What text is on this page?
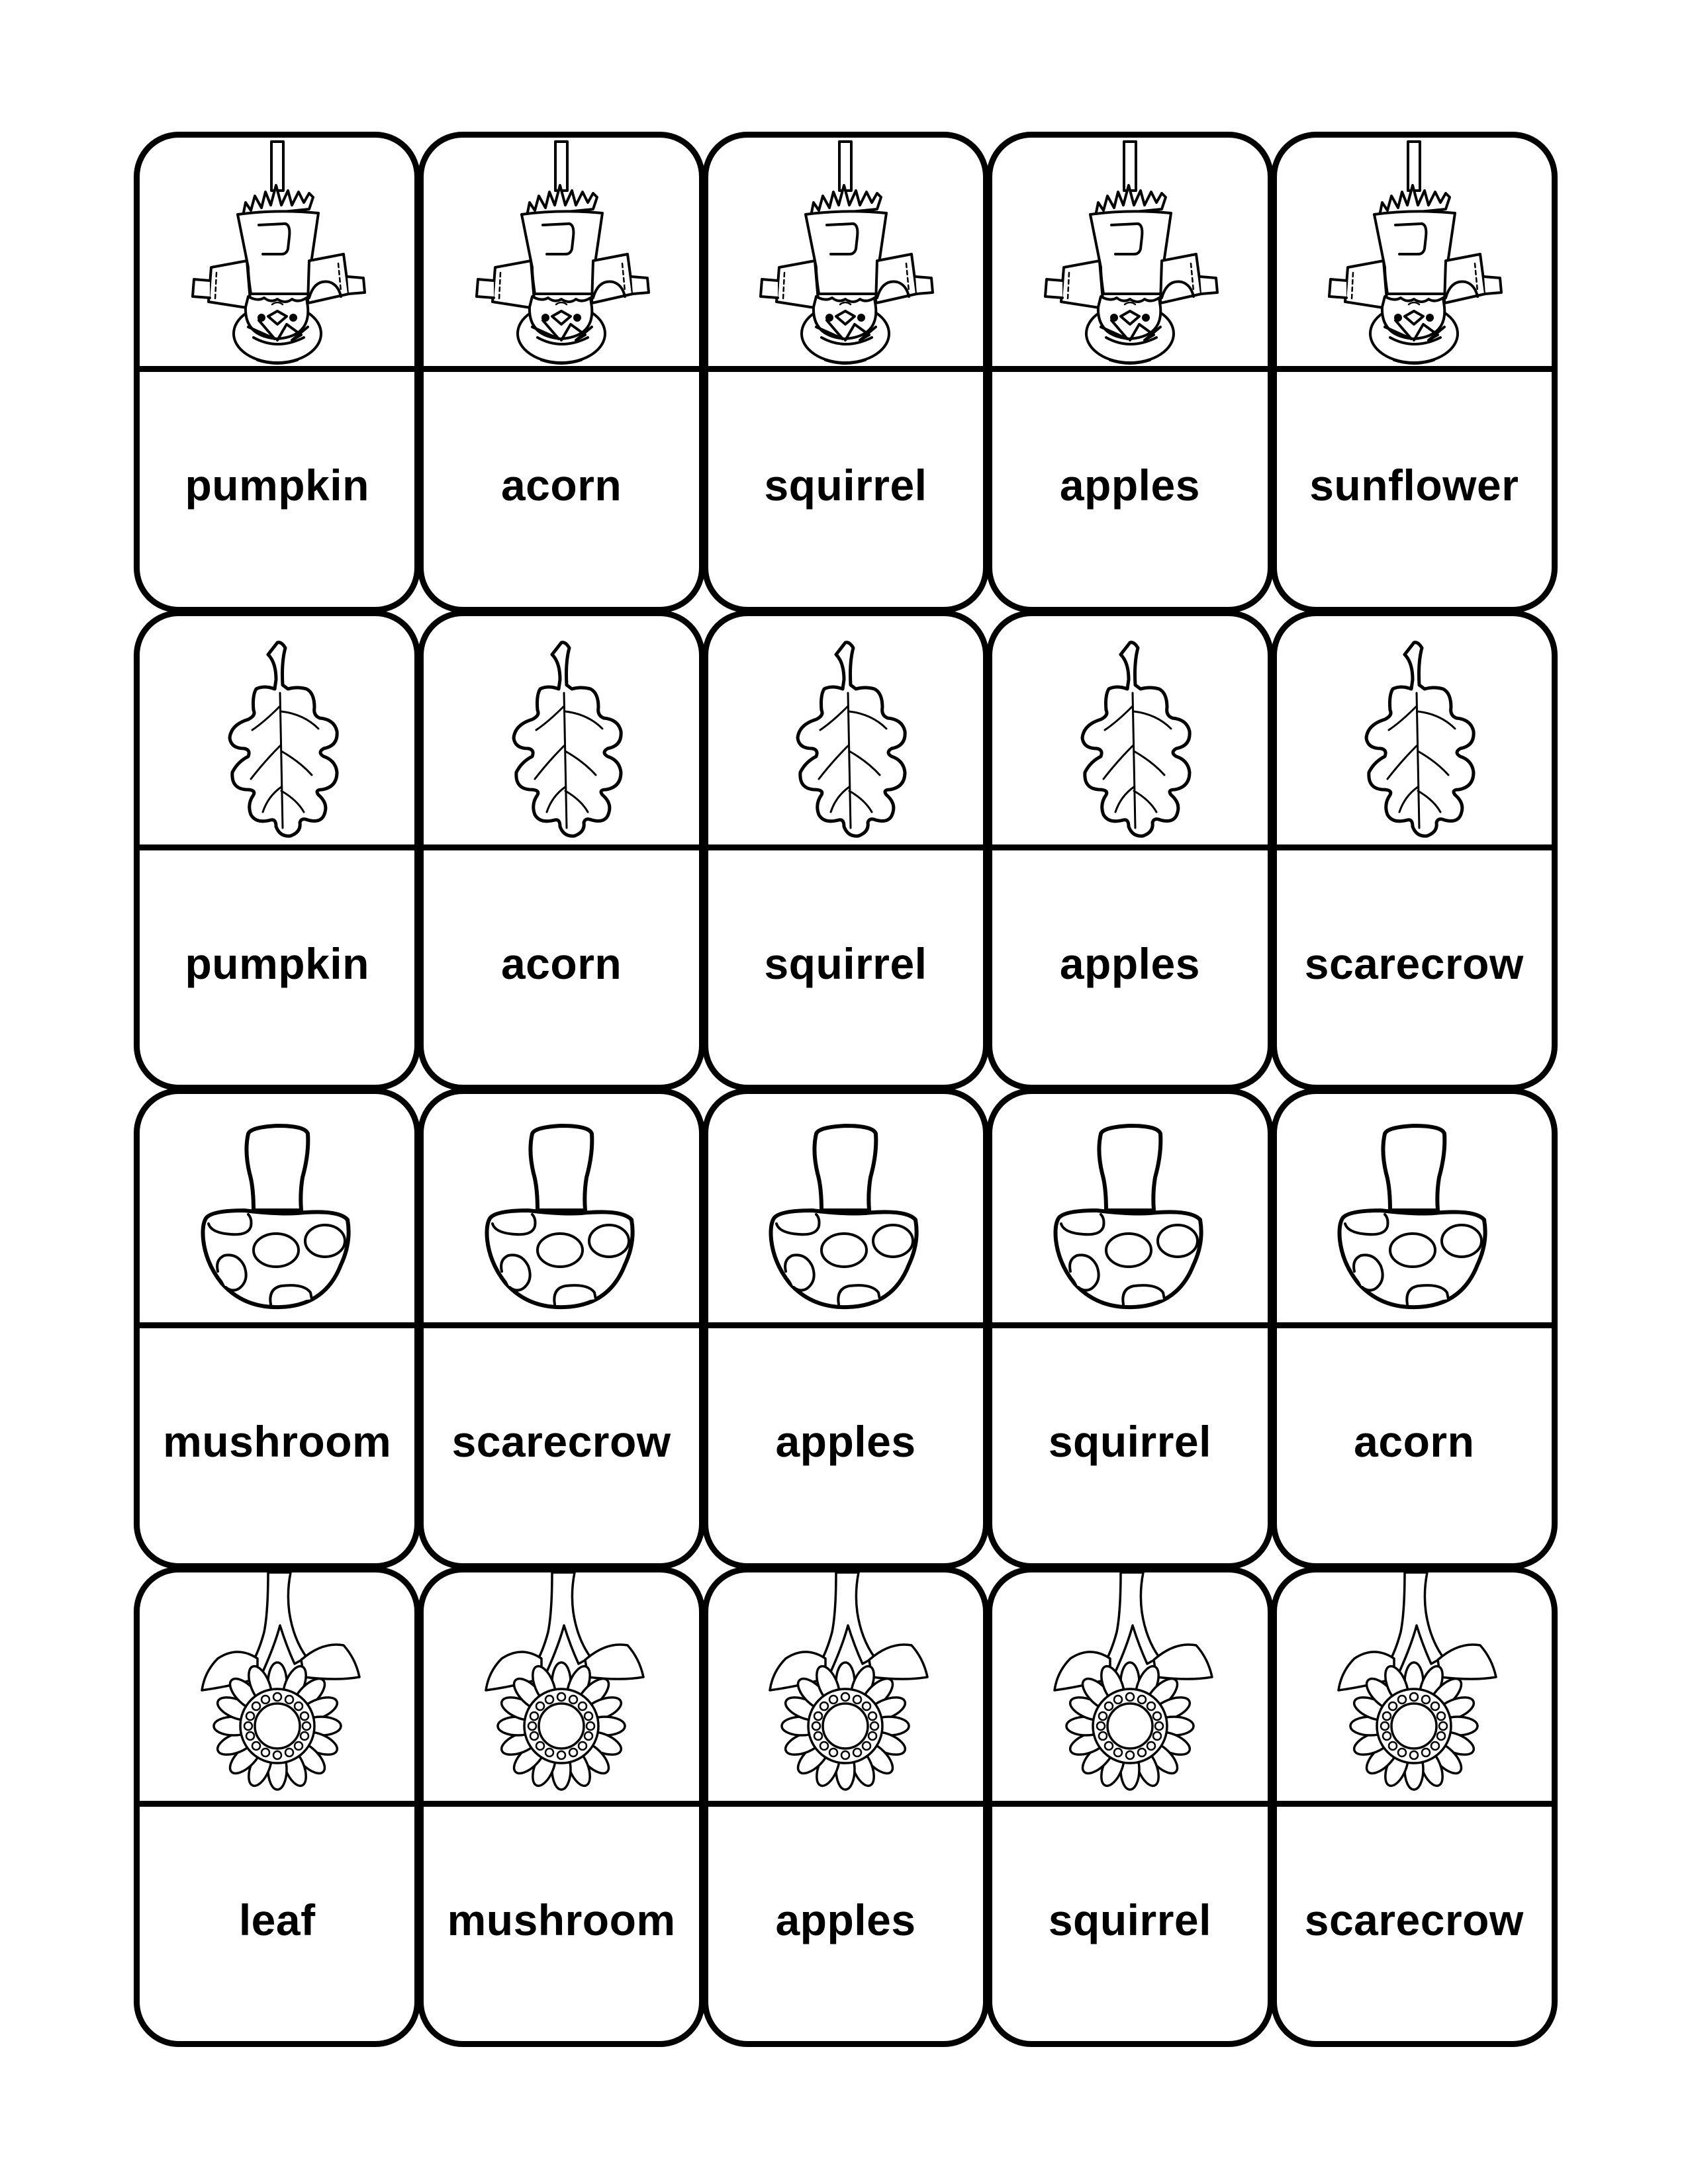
pumpkin	acorn	squirrel	apples	sunflower
pumpkin	acorn	squirrel	apples	scarecrow
mushroom	scarecrow	apples	squirrel	acorn
leaf	mushroom	apples	squirrel	scarecrow
